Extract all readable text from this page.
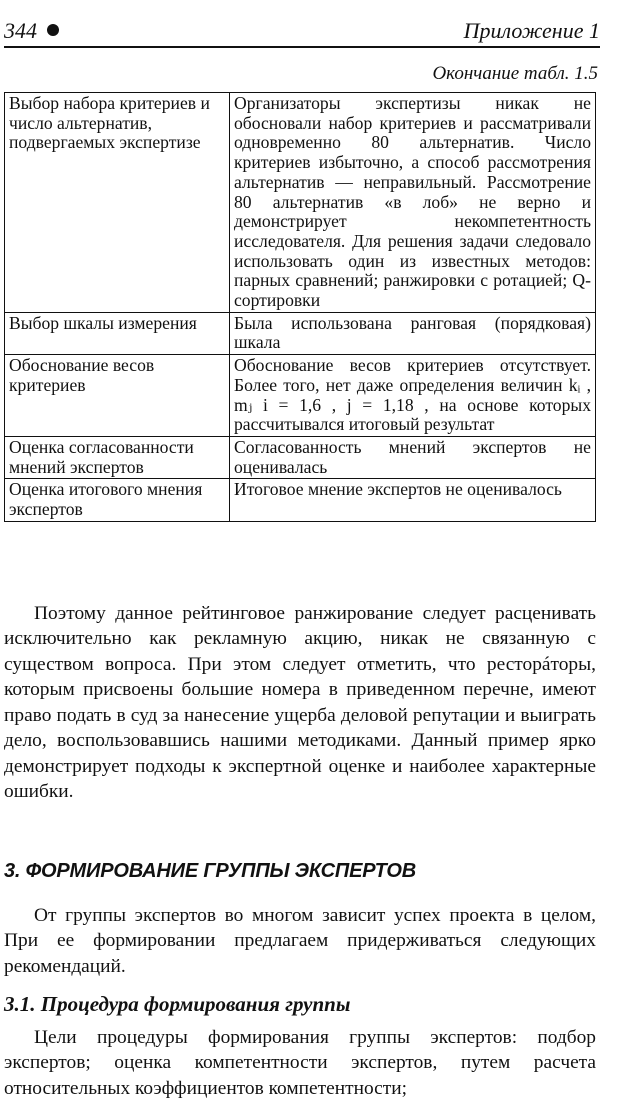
344	Приложение 1
Окончание табл. 1.5
Выбор набора критериев и число альтернатив, подвергаемых экспертизе	Организаторы экспертизы никак не обосновали набор критериев и рассматривали одновременно 80 альтернатив. Число критериев избыточно, а способ рассмотрения альтернатив — неправильный. Рассмотрение 80 альтернатив «в лоб» не верно и демонстрирует некомпетентность исследователя. Для решения задачи следовало использовать один из известных методов: парных сравнений; ранжировки с ротацией; Q-сортировки
Выбор шкалы измерения	Была использована ранговая (порядковая) шкала
Обоснование весов критериев	Обоснование весов критериев отсутствует. Более того, нет даже определения величин kᵢ , mⱼ i = 1,6 , j = 1,18 , на основе которых рассчитывался итоговый результат
Оценка согласованности мнений экспертов	Согласованность мнений экспертов не оценивалась
Оценка итогового мнения экспертов	Итоговое мнение экспертов не оценивалось

Поэтому данное рейтинговое ранжирование следует расценивать исключительно как рекламную акцию, никак не связанную с существом вопроса. При этом следует отметить, что ресторáторы, которым присвоены большие номера в приведенном перечне, имеют право подать в суд за нанесение ущерба деловой репутации и выиграть дело, воспользовавшись нашими методиками. Данный пример ярко демонстрирует подходы к экспертной оценке и наиболее характерные ошибки.

3. ФОРМИРОВАНИЕ ГРУППЫ ЭКСПЕРТОВ

От группы экспертов во многом зависит успех проекта в целом, При ее формировании предлагаем придерживаться следующих рекомендаций.

3.1. Процедура формирования группы

Цели процедуры формирования группы экспертов: подбор экспертов; оценка компетентности экспертов, путем расчета относительных коэффициентов компетентности;
